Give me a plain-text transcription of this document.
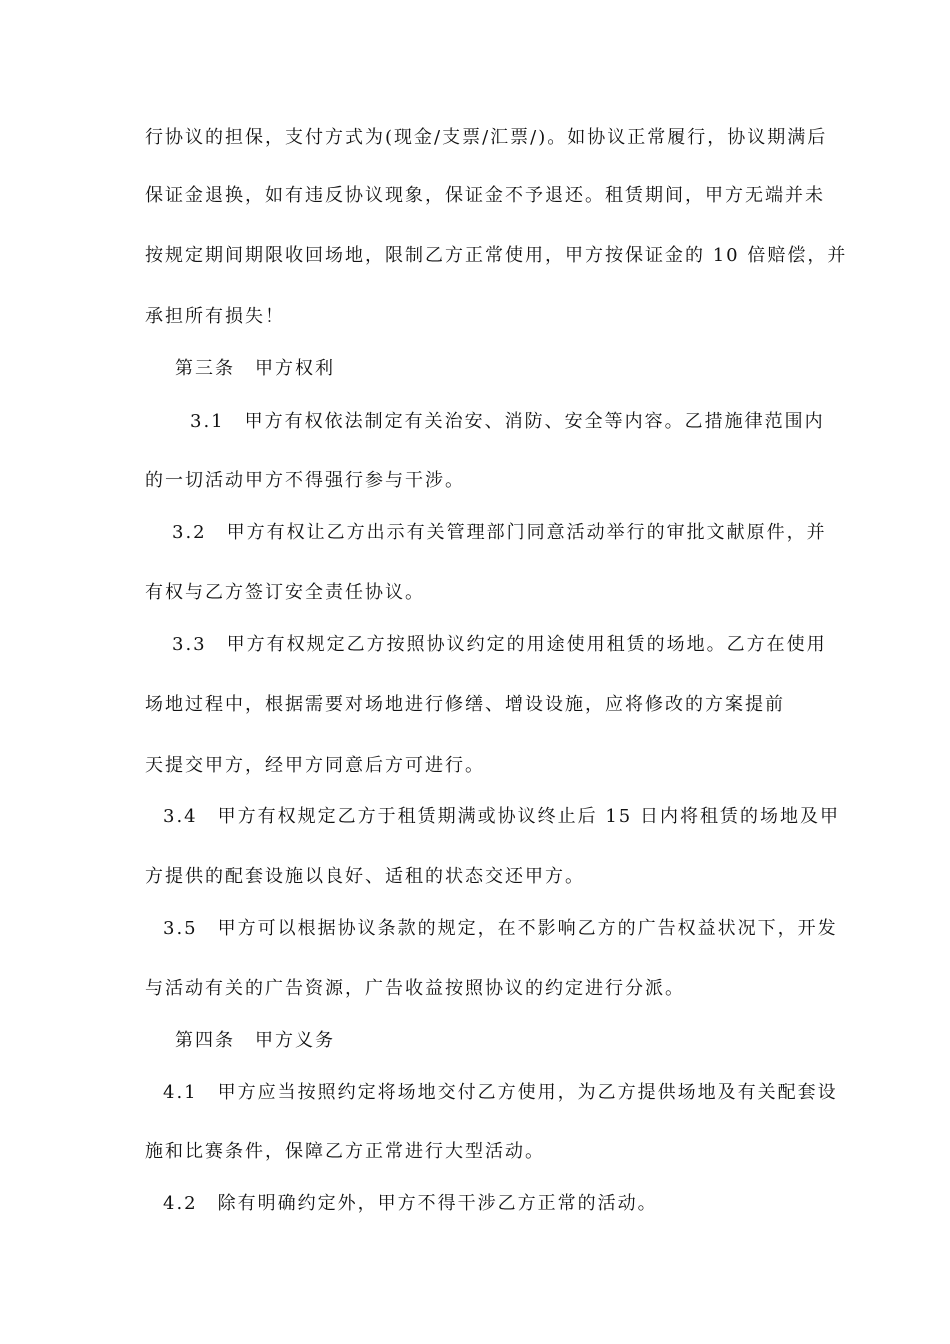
行协议的担保，支付方式为(现金/支票/汇票/)。如协议正常履行，协议期满后
保证金退换，如有违反协议现象，保证金不予退还。租赁期间，甲方无端并未
按规定期间期限收回场地，限制乙方正常使用，甲方按保证金的 10 倍赔偿，并
承担所有损失！
第三条　甲方权利
3.1　甲方有权依法制定有关治安、消防、安全等内容。乙措施律范围内
的一切活动甲方不得强行参与干涉。
3.2　甲方有权让乙方出示有关管理部门同意活动举行的审批文献原件，并
有权与乙方签订安全责任协议。
3.3　甲方有权规定乙方按照协议约定的用途使用租赁的场地。乙方在使用
场地过程中，根据需要对场地进行修缮、增设设施，应将修改的方案提前
天提交甲方，经甲方同意后方可进行。
3.4　甲方有权规定乙方于租赁期满或协议终止后 15 日内将租赁的场地及甲
方提供的配套设施以良好、适租的状态交还甲方。
3.5　甲方可以根据协议条款的规定，在不影响乙方的广告权益状况下，开发
与活动有关的广告资源，广告收益按照协议的约定进行分派。
第四条　甲方义务
4.1　甲方应当按照约定将场地交付乙方使用，为乙方提供场地及有关配套设
施和比赛条件，保障乙方正常进行大型活动。
4.2　除有明确约定外，甲方不得干涉乙方正常的活动。
